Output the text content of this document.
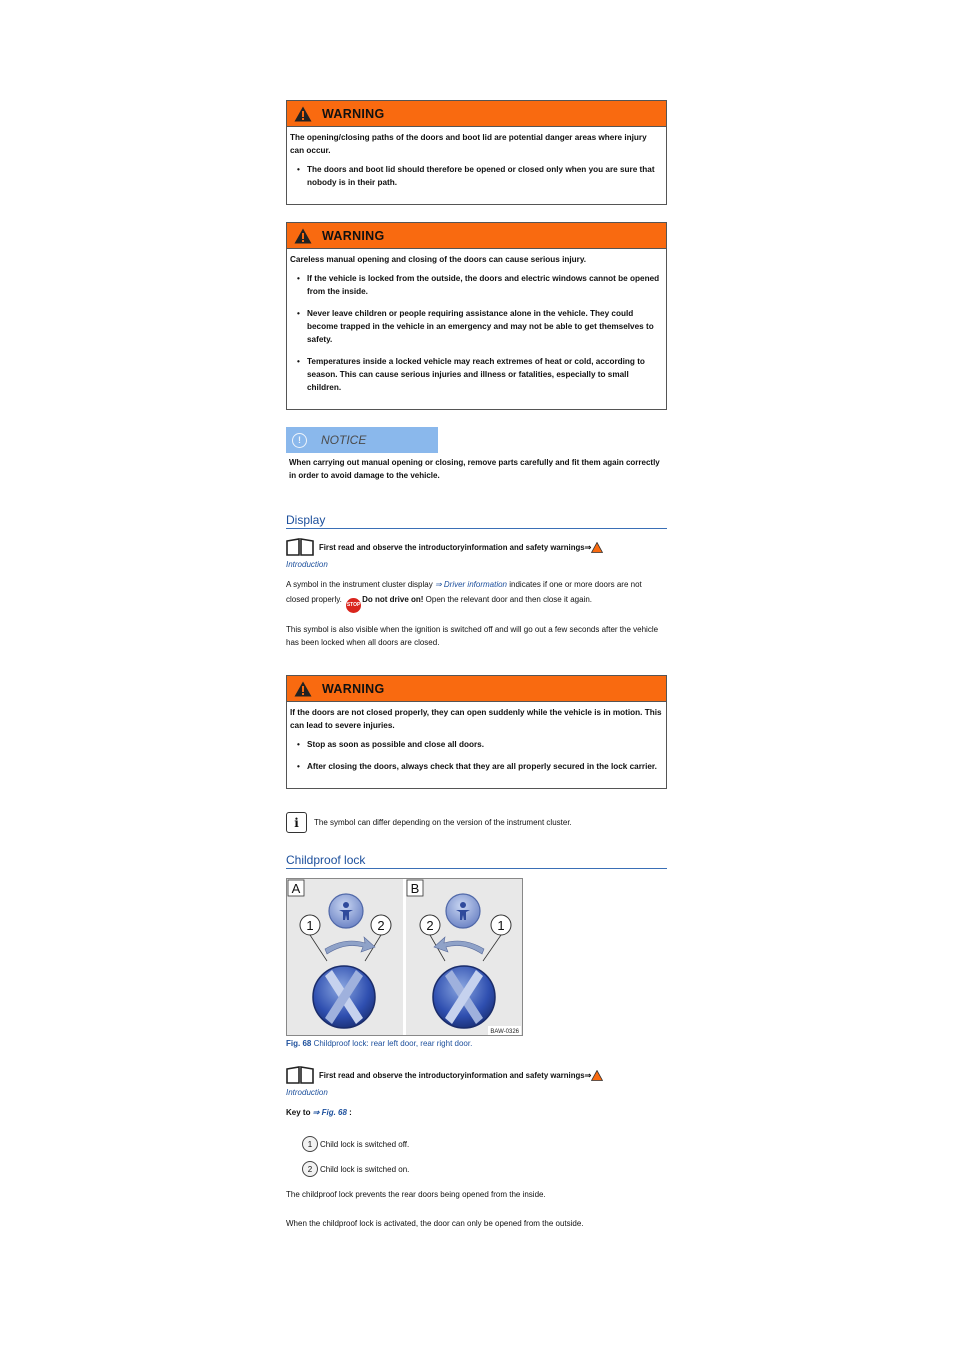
WARNING

The opening/closing paths of the doors and boot lid are potential danger areas where injury can occur.

• The doors and boot lid should therefore be opened or closed only when you are sure that nobody is in their path.
WARNING

Careless manual opening and closing of the doors can cause serious injury.

• If the vehicle is locked from the outside, the doors and electric windows cannot be opened from the inside.
• Never leave children or people requiring assistance alone in the vehicle. They could become trapped in the vehicle in an emergency and may not be able to get themselves to safety.
• Temperatures inside a locked vehicle may reach extremes of heat or cold, according to season. This can cause serious injuries and illness or fatalities, especially to small children.
!	NOTICE
When carrying out manual opening or closing, remove parts carefully and fit them again correctly in order to avoid damage to the vehicle.
Display
First read and observe the introductoryinformation and safety warnings ⇒
Introduction
A symbol in the instrument cluster display ⇒ Driver information indicates if one or more doors are not closed properly. STOPDo not drive on! Open the relevant door and then close it again.
This symbol is also visible when the ignition is switched off and will go out a few seconds after the vehicle has been locked when all doors are closed.
WARNING

If the doors are not closed properly, they can open suddenly while the vehicle is in motion. This can lead to severe injuries.

• Stop as soon as possible and close all doors.
• After closing the doors, always check that they are all properly secured in the lock carrier.
i	The symbol can differ depending on the version of the instrument cluster.
Childproof lock
A	B
1	2	2	1
BAW-0326
Fig. 68 Childproof lock: rear left door, rear right door.
First read and observe the introductoryinformation and safety warnings ⇒
Introduction
Key to ⇒ Fig. 68 :
1 Child lock is switched off.
2 Child lock is switched on.
The childproof lock prevents the rear doors being opened from the inside.
When the childproof lock is activated, the door can only be opened from the outside.
